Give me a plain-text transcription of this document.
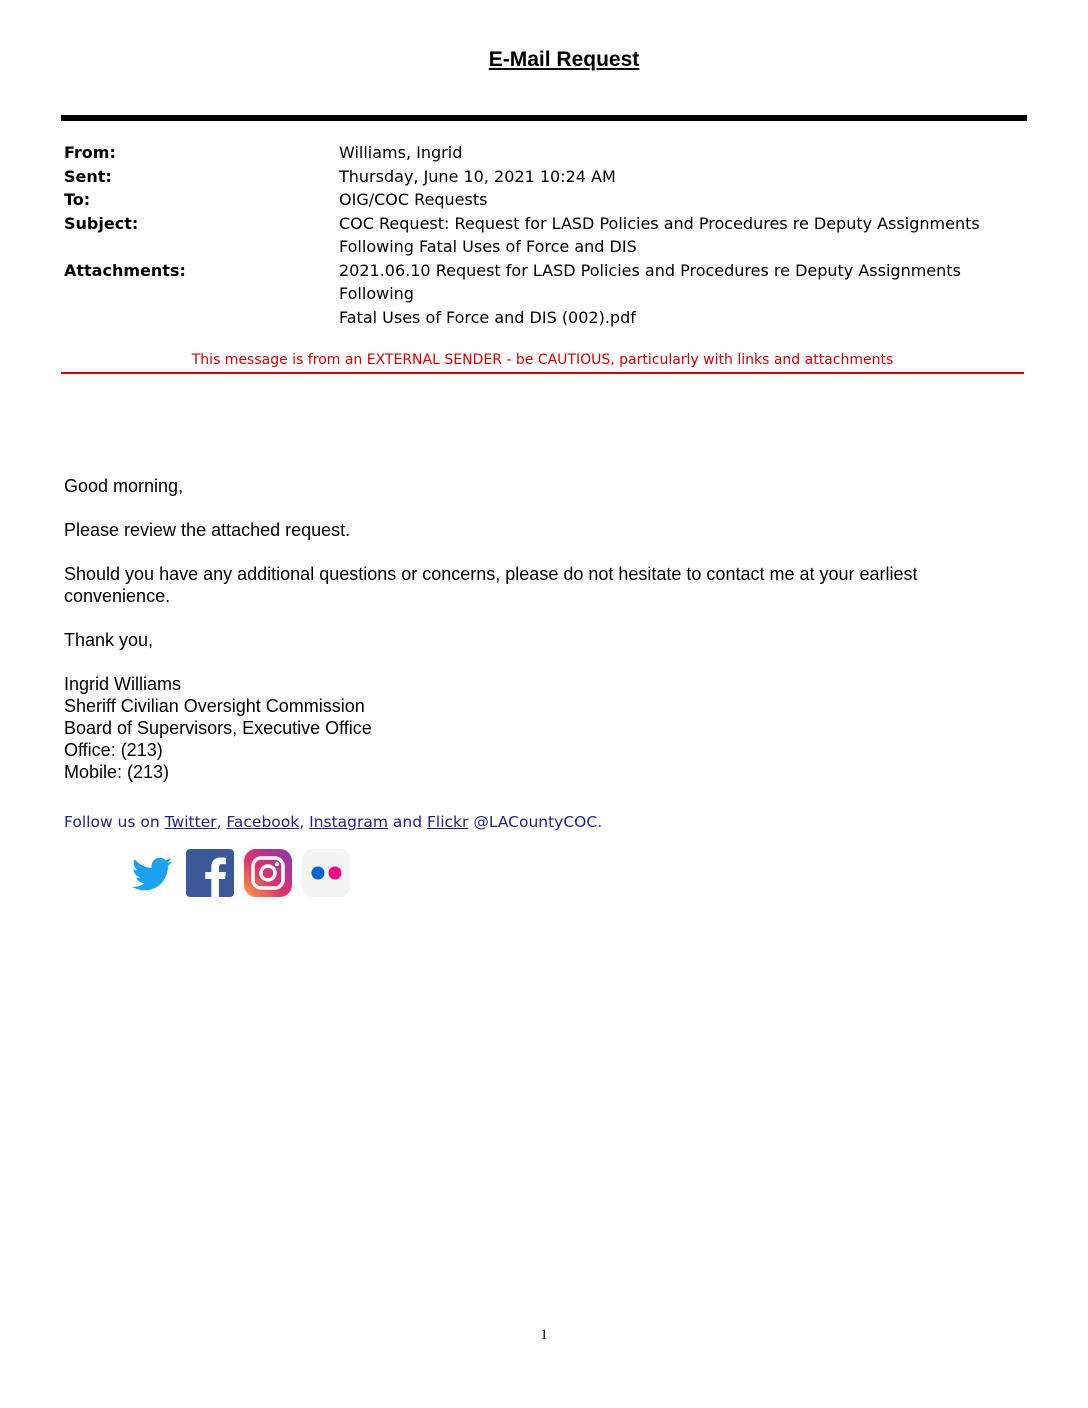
E-Mail Request
From:	Williams, Ingrid
Sent:	Thursday, June 10, 2021 10:24 AM
To:	OIG/COC Requests
Subject:	COC Request: Request for LASD Policies and Procedures re Deputy Assignments
Following Fatal Uses of Force and DIS
Attachments:	2021.06.10 Request for LASD Policies and Procedures re Deputy Assignments Following
Fatal Uses of Force and DIS (002).pdf
This message is from an EXTERNAL SENDER - be CAUTIOUS, particularly with links and attachments

Good morning,

Please review the attached request.

Should you have any additional questions or concerns, please do not hesitate to contact me at your earliest convenience.

Thank you,

Ingrid Williams
Sheriff Civilian Oversight Commission
Board of Supervisors, Executive Office
Office: (213)
Mobile: (213)
Follow us on Twitter, Facebook, Instagram and Flickr @LACountyCOC.
1
